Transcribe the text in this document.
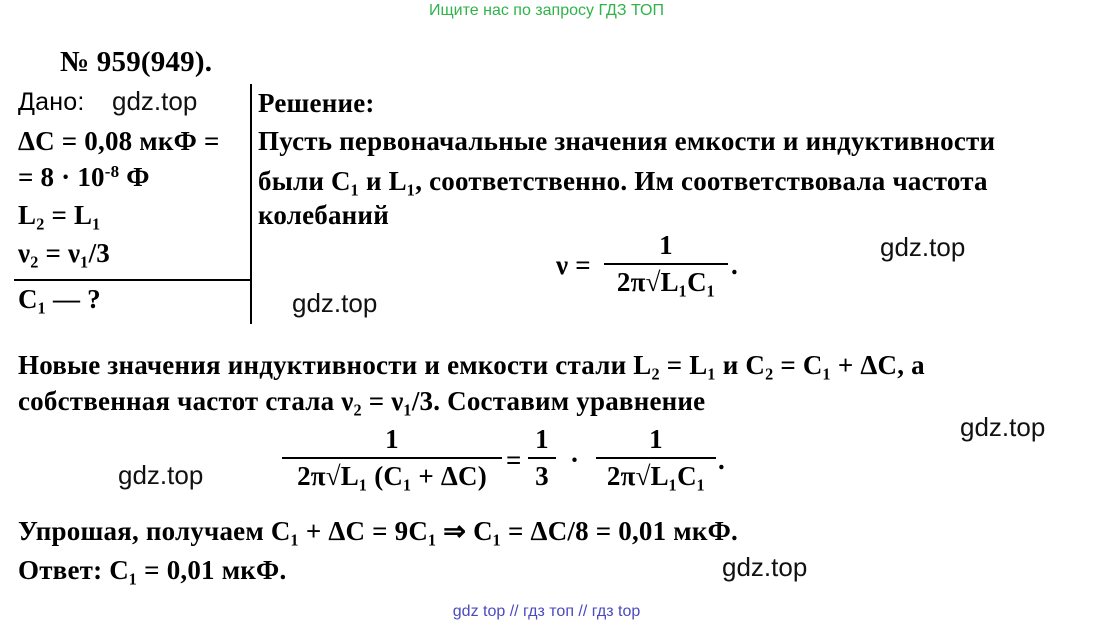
Ищите нас по запросу ГДЗ ТОП
№ 959(949).
Дано: gdz.top
ΔC = 0,08 мкФ =
= $8 \cdot 10^{-8}$ Ф
L₂ = L₁
ν₂ = ν₁/3
C₁ — ?	gdz.top
Решение:
Пусть первоначальные значения емкости и индуктивности
были C₁ и L₁, соответственно. Им соответствовала частота
колебаний
gdz.top
ν =
1
2π√L₁C₁
.
Новые значения индуктивности и емкости стали L₂ = L₁ и C₂ = C₁ + ΔC, а
собственная частот стала ν₂ = ν₁/3. Составим уравнение
gdz.top
gdz.top
1
2π√L₁ (C₁ + ΔC)
=
1
3
·
1
2π√L₁C₁
.
Упрошая, получаем C₁ + ΔC = 9C₁ ⇒ C₁ = ΔC/8 = 0,01 мкФ.
Ответ: C₁ = 0,01 мкФ.	gdz.top
gdz top // гдз топ // гдз top
